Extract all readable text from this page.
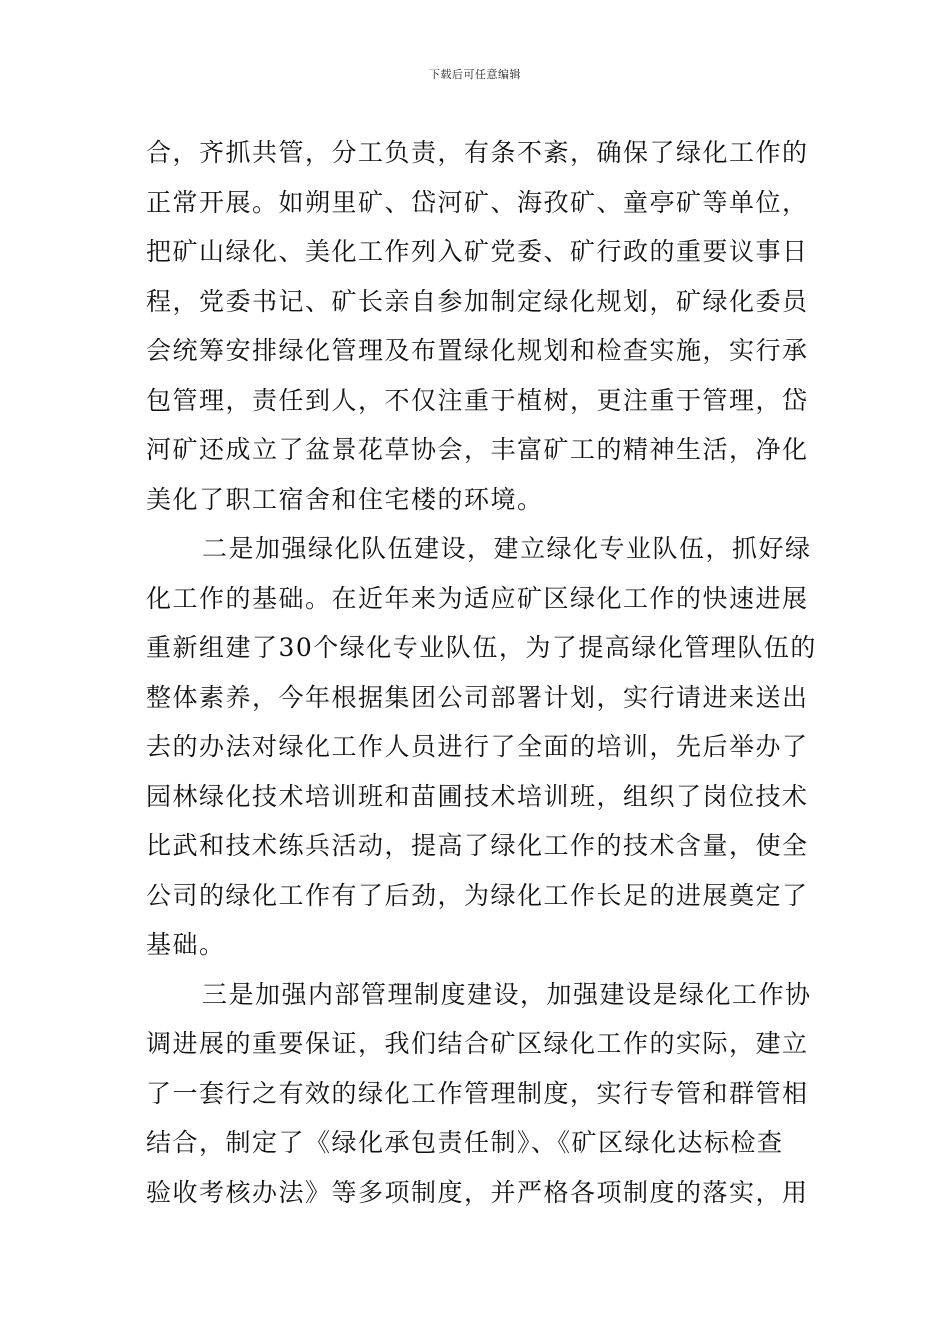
下载后可任意编辑
合，齐抓共管，分工负责，有条不紊，确保了绿化工作的
正常开展。如朔里矿、岱河矿、海孜矿、童亭矿等单位，
把矿山绿化、美化工作列入矿党委、矿行政的重要议事日
程，党委书记、矿长亲自参加制定绿化规划，矿绿化委员
会统筹安排绿化管理及布置绿化规划和检查实施，实行承
包管理，责任到人，不仅注重于植树，更注重于管理，岱
河矿还成立了盆景花草协会，丰富矿工的精神生活，净化
美化了职工宿舍和住宅楼的环境。
二是加强绿化队伍建设，建立绿化专业队伍，抓好绿
化工作的基础。在近年来为适应矿区绿化工作的快速进展
重新组建了30个绿化专业队伍，为了提高绿化管理队伍的
整体素养，今年根据集团公司部署计划，实行请进来送出
去的办法对绿化工作人员进行了全面的培训，先后举办了
园林绿化技术培训班和苗圃技术培训班，组织了岗位技术
比武和技术练兵活动，提高了绿化工作的技术含量，使全
公司的绿化工作有了后劲，为绿化工作长足的进展奠定了
基础。
三是加强内部管理制度建设，加强建设是绿化工作协
调进展的重要保证，我们结合矿区绿化工作的实际，建立
了一套行之有效的绿化工作管理制度，实行专管和群管相
结合，制定了《绿化承包责任制》、《矿区绿化达标检查
验收考核办法》等多项制度，并严格各项制度的落实，用
